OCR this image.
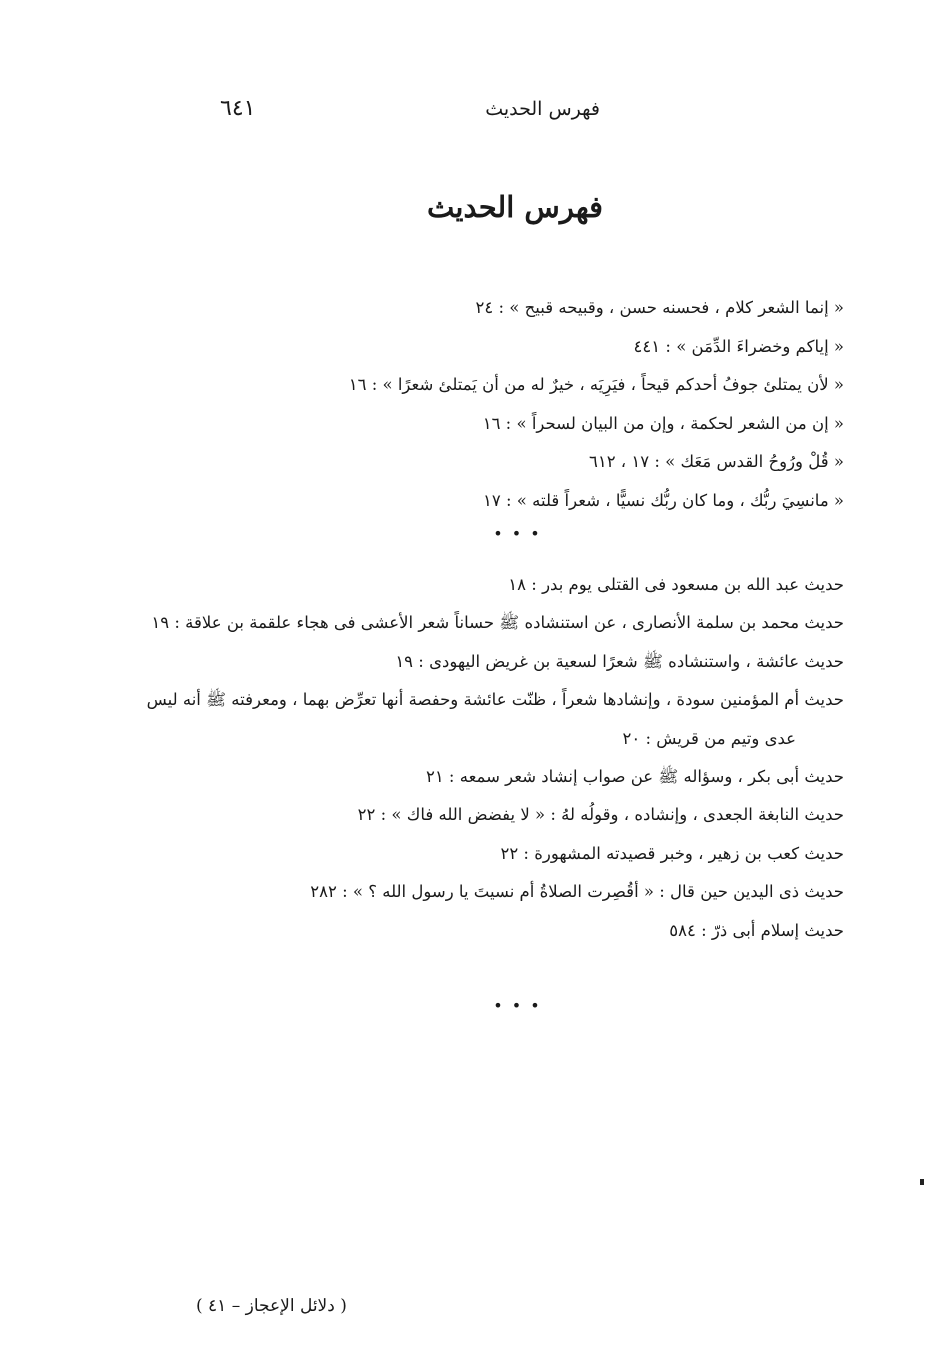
فهرس الحديث
٦٤١
فهرس الحديث
« إنما الشعر كلام ، فحسنه حسن ، وقبيحه قبيح » : ٢٤
« إياكم وخضراءَ الدِّمَن » : ٤٤١
« لأن يمتلئ جوفُ أحدكم قيحاً ، فيَرِيَه ، خيرٌ له من أن يَمتلئ شعرًا » : ١٦
« إن من الشعر لحكمة ، وإن من البيان لسحراً » : ١٦
« قُلْ ورُوحُ القدس مَعَك » : ١٧ ، ٦١٢
« مانسِيَ ربُّك ، وما كان ربُّك نسيًّا ، شعراً قلته » : ١٧
• • •
حديث عبد الله بن مسعود فى القتلى يوم بدر : ١٨
حديث محمد بن سلمة الأنصارى ، عن استنشاده ﷺ حساناً شعر الأعشى فى هجاء علقمة بن علاقة : ١٩
حديث عائشة ، واستنشاده ﷺ شعرًا لسعية بن غريض اليهودى : ١٩
حديث أم المؤمنين سودة ، وإنشادها شعراً ، ظنّت عائشة وحفصة أنها تعرِّض بهما ، ومعرفته ﷺ أنه ليس
عدى وتيم من قريش : ٢٠
حديث أبى بكر ، وسؤاله ﷺ عن صواب إنشاد شعر سمعه : ٢١
حديث النابغة الجعدى ، وإنشاده ، وقولُه لهُ : « لا يفضض الله فاك » : ٢٢
حديث كعب بن زهير ، وخبر قصيدته المشهورة : ٢٢
حديث ذى اليدين حين قال : « أقُصِرت الصلاةُ أم نسيتَ يا رسول الله ؟ » : ٢٨٢
حديث إسلام أبى ذرّ : ٥٨٤
• • •
( دلائل الإعجاز – ٤١ )
